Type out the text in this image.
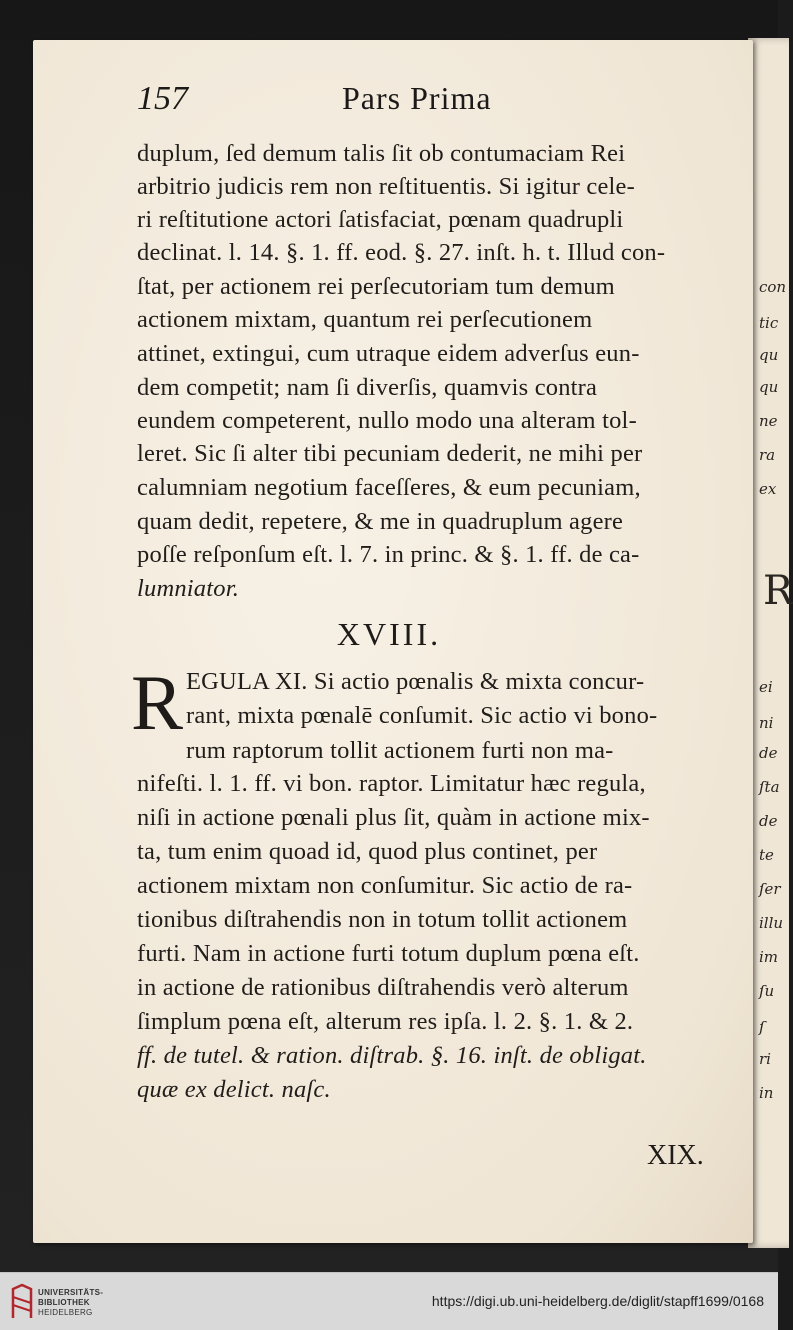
con
tic
qu
qu
ne
ra
ex
R
ei
ni
de
ſta
de
te
ſer
illu
im
ſu
ſ
ri
in
157	Pars Prima
duplum, ſed demum talis ſit ob contumaciam Rei
arbitrio judicis rem non reſtituentis. Si igitur cele-
ri reſtitutione actori ſatisfaciat, pœnam quadrupli
declinat. l. 14. §. 1. ff. eod. §. 27. inſt. h. t. Illud con-
ſtat, per actionem rei perſecutoriam tum demum
actionem mixtam, quantum rei perſecutionem
attinet, extingui, cum utraque eidem adverſus eun-
dem competit; nam ſi diverſis, quamvis contra
eundem competerent, nullo modo una alteram tol-
leret. Sic ſi alter tibi pecuniam dederit, ne mihi per
calumniam negotium faceſſeres, & eum pecuniam,
quam dedit, repetere, & me in quadruplum agere
poſſe reſponſum eſt. l. 7. in princ. & §. 1. ff. de ca-
lumniator.
XVIII.
R EGULA XI. Si actio pœnalis & mixta concur-
rant, mixta pœnalē conſumit. Sic actio vi bono-
rum raptorum tollit actionem furti non ma-
nifeſti. l. 1. ff. vi bon. raptor. Limitatur hæc regula,
niſi in actione pœnali plus ſit, quàm in actione mix-
ta, tum enim quoad id, quod plus continet, per
actionem mixtam non conſumitur. Sic actio de ra-
tionibus diſtrahendis non in totum tollit actionem
furti. Nam in actione furti totum duplum pœna eſt.
in actione de rationibus diſtrahendis verò alterum
ſimplum pœna eſt, alterum res ipſa. l. 2. §. 1. & 2.
ff. de tutel. & ration. diſtrab. §. 16. inſt. de obligat.
quæ ex delict. naſc.
XIX.
UNIVERSITÄTS-
BIBLIOTHEK
HEIDELBERG
https://digi.ub.uni-heidelberg.de/diglit/stapff1699/0168
